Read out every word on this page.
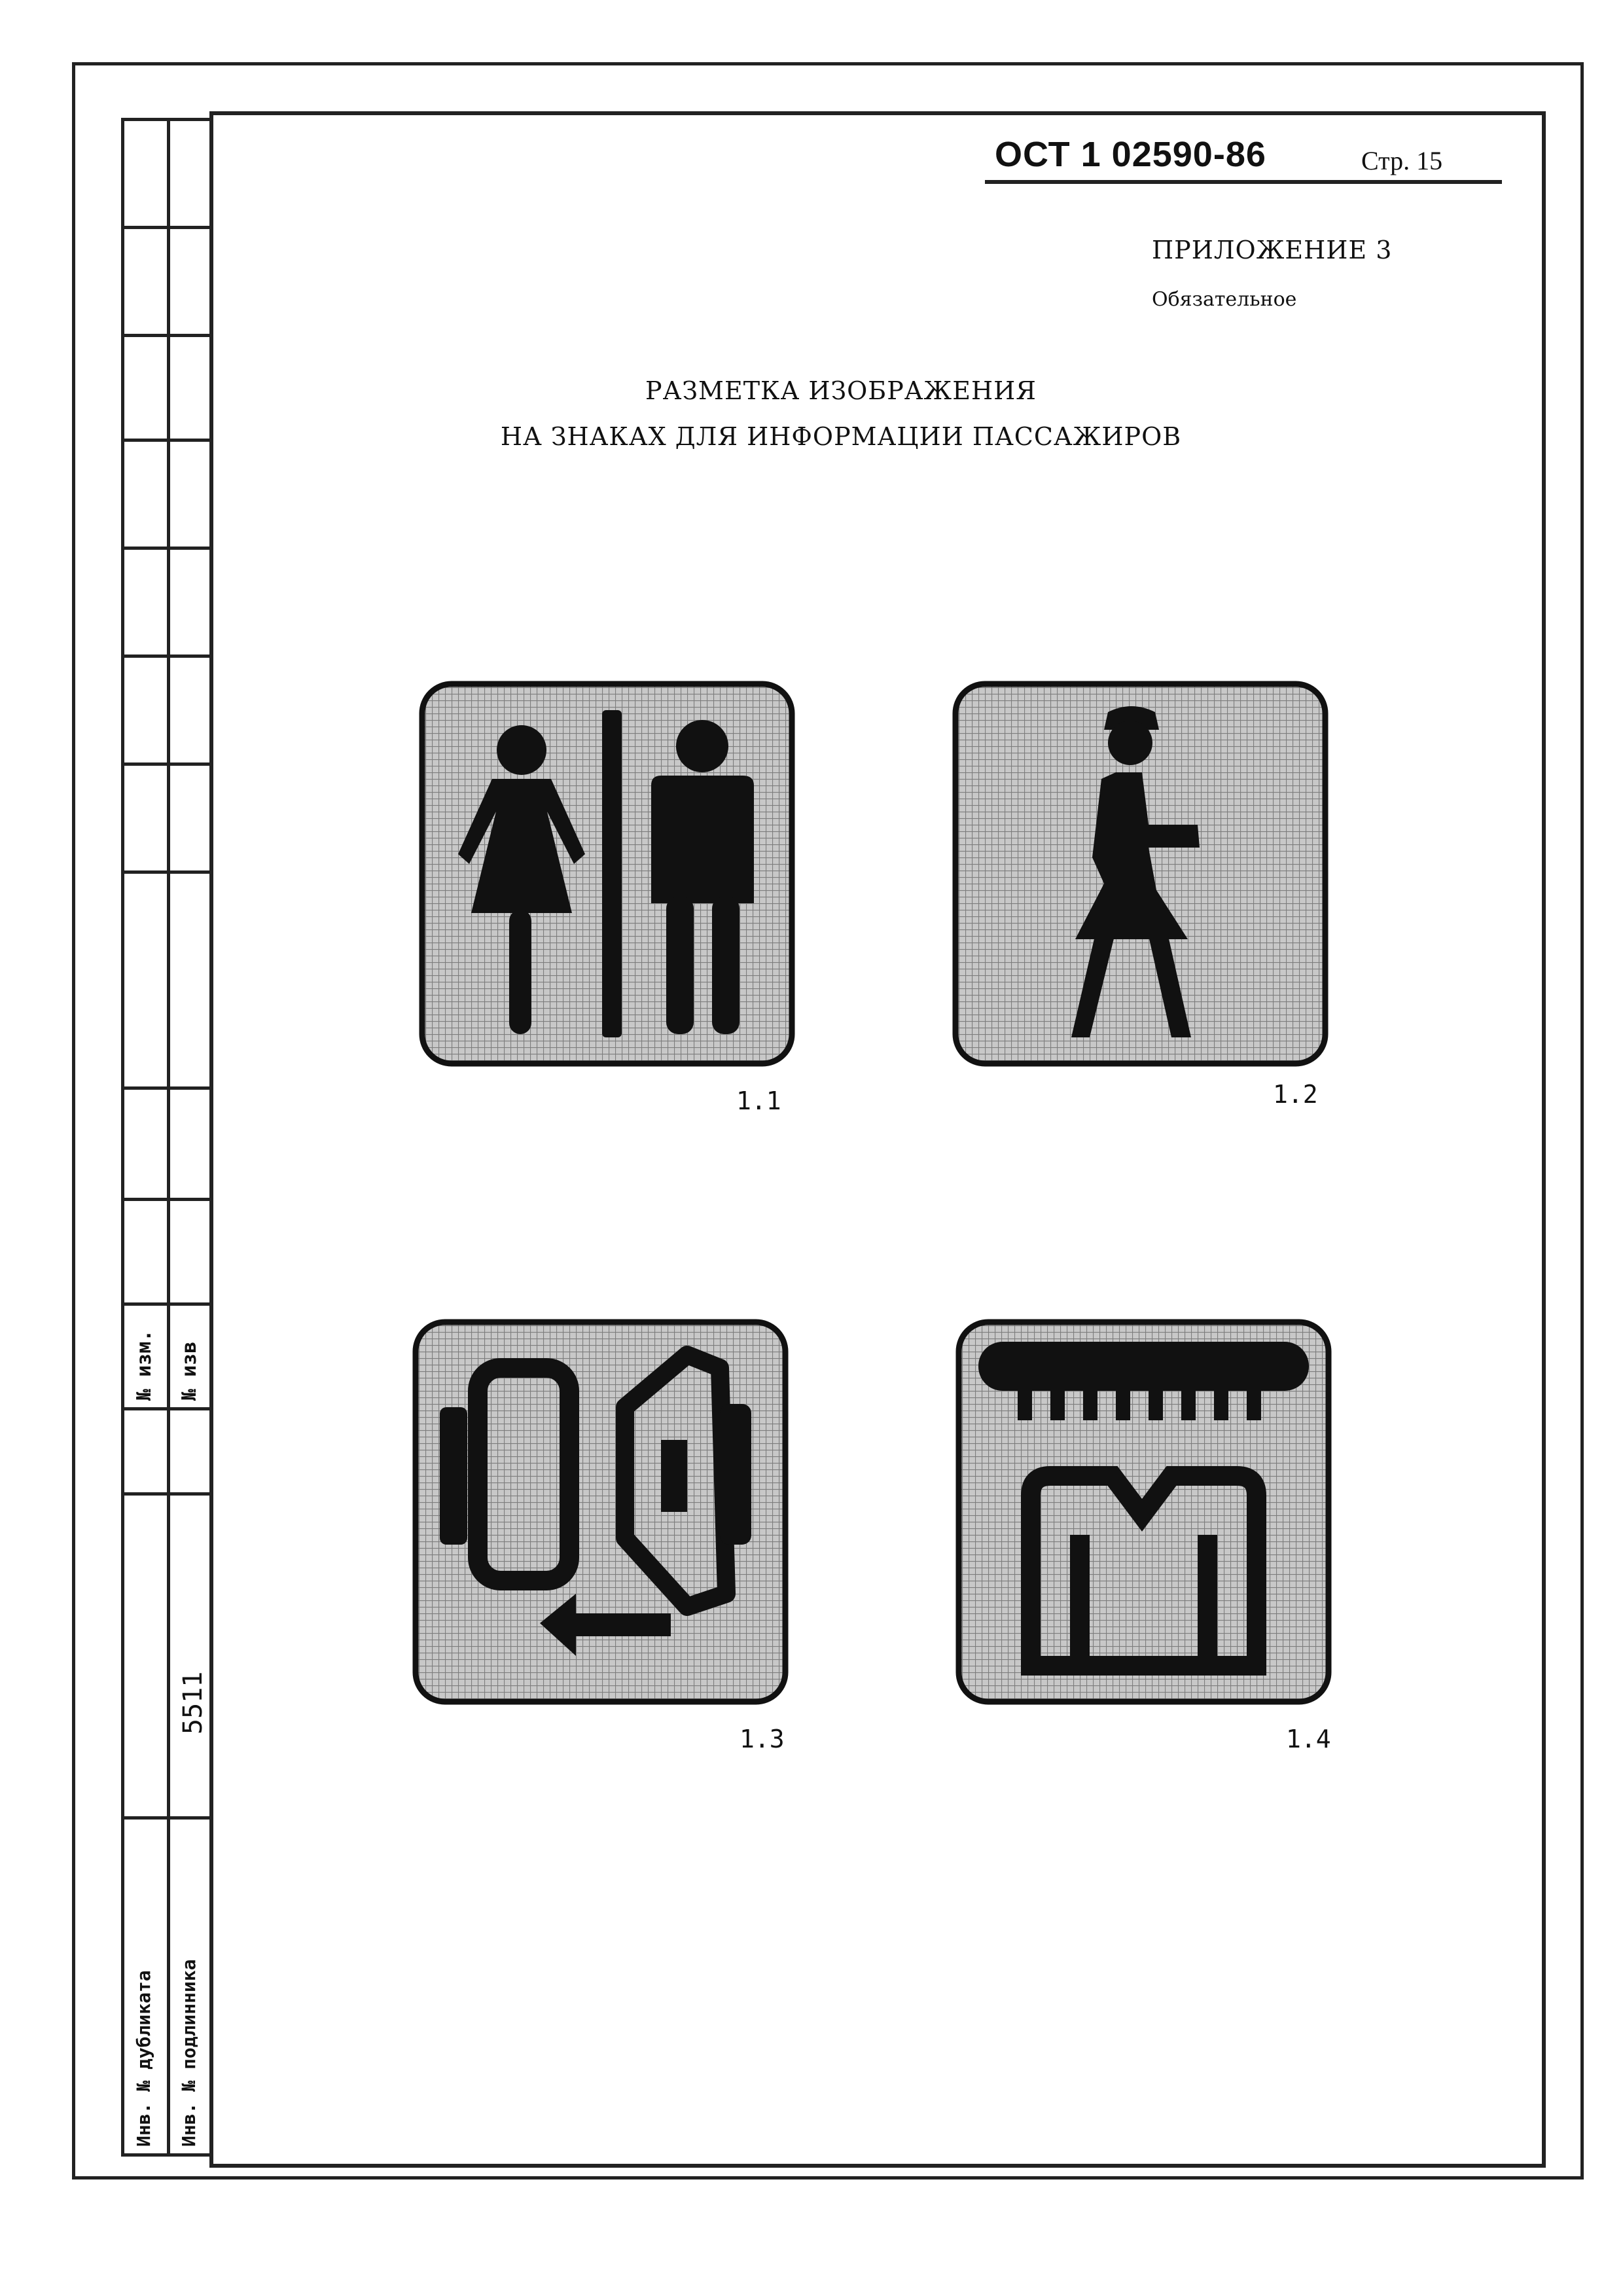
№ изм. № изв
5511
Инв. № дубликата Инв. № подлинника
ОСТ 1 02590-86	Стр. 15
ПРИЛОЖЕНИЕ 3
Обязательное
РАЗМЕТКА ИЗОБРАЖЕНИЯ
НА ЗНАКАХ ДЛЯ ИНФОРМАЦИИ ПАССАЖИРОВ
1.1	1.2
1.3	1.4
